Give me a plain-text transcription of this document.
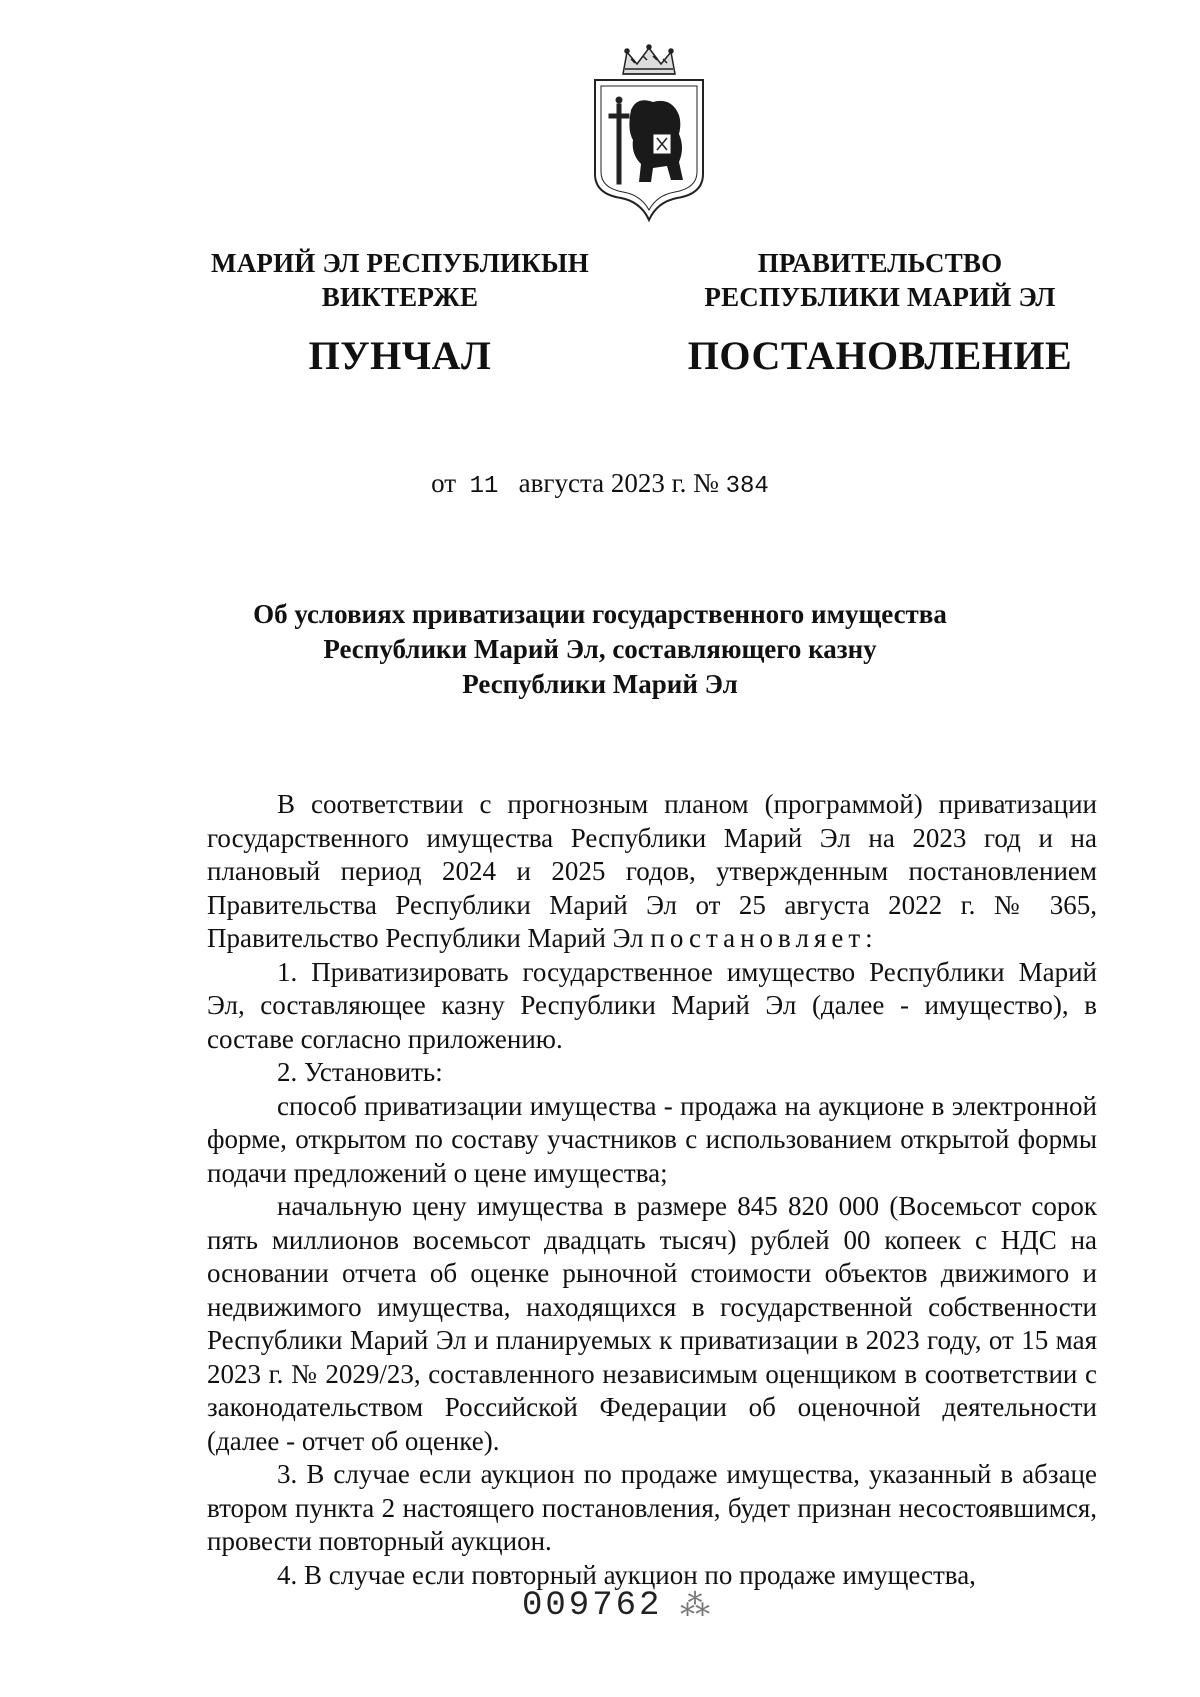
МАРИЙ ЭЛ РЕСПУБЛИКЫН
ВИКТЕРЖЕ
ПУНЧАЛ
ПРАВИТЕЛЬСТВО
РЕСПУБЛИКИ МАРИЙ ЭЛ
ПОСТАНОВЛЕНИЕ
от 11 августа 2023 г. № 384
Об условиях приватизации государственного имущества
Республики Марий Эл, составляющего казну
Республики Марий Эл

В соответствии с прогнозным планом (программой) приватизации государственного имущества Республики Марий Эл на 2023 год и на плановый период 2024 и 2025 годов, утвержденным постановлением Правительства Республики Марий Эл от 25 августа 2022 г. № 365, Правительство Республики Марий Эл постановляет:

1. Приватизировать государственное имущество Республики Марий Эл, составляющее казну Республики Марий Эл (далее - имущество), в составе согласно приложению.

2. Установить:

способ приватизации имущества - продажа на аукционе в электронной форме, открытом по составу участников с использованием открытой формы подачи предложений о цене имущества;

начальную цену имущества в размере 845 820 000 (Восемьсот сорок пять миллионов восемьсот двадцать тысяч) рублей 00 копеек с НДС на основании отчета об оценке рыночной стоимости объектов движимого и недвижимого имущества, находящихся в государственной собственности Республики Марий Эл и планируемых к приватизации в 2023 году, от 15 мая 2023 г. № 2029/23, составленного независимым оценщиком в соответствии с законодательством Российской Федерации об оценочной деятельности (далее - отчет об оценке).

3. В случае если аукцион по продаже имущества, указанный в абзаце втором пункта 2 настоящего постановления, будет признан несостоявшимся, провести повторный аукцион.

4. В случае если повторный аукцион по продаже имущества,

009762 ⁂
